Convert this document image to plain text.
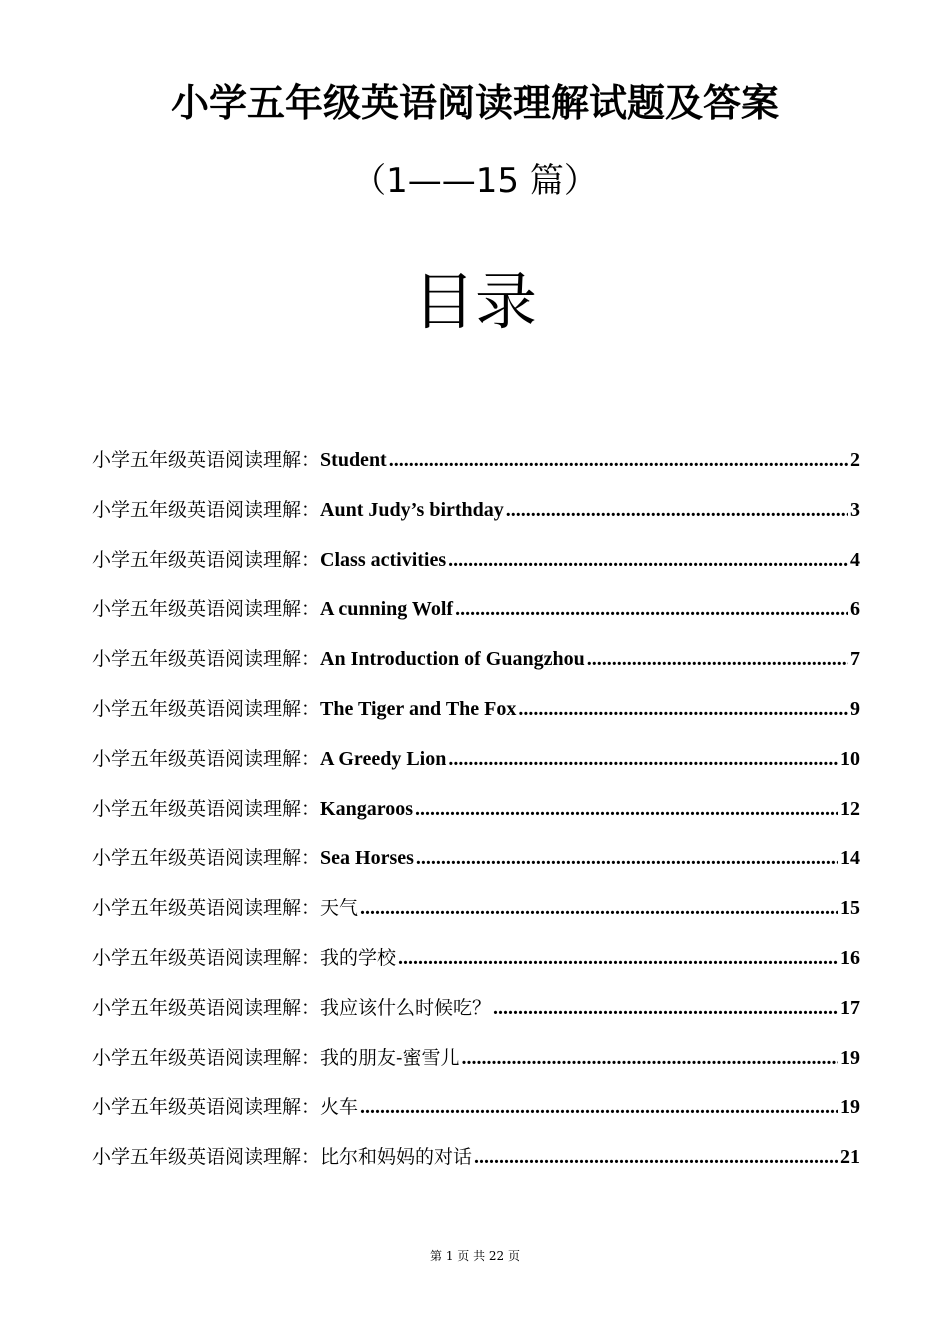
小学五年级英语阅读理解试题及答案
（1——15 篇）
目录
小学五年级英语阅读理解 ： Student .....	2
小学五年级英语阅读理解 ： Aunt Judy’s birthday .....	3
小学五年级英语阅读理解 ： Class activities .....	4
小学五年级英语阅读理解 ： A cunning Wolf .....	6
小学五年级英语阅读理解 ： An Introduction of Guangzhou .....	7
小学五年级英语阅读理解 ： The Tiger and The Fox .....	9
小学五年级英语阅读理解 ： A Greedy Lion .....	10
小学五年级英语阅读理解 ： Kangaroos .....	12
小学五年级英语阅读理解 ： Sea Horses .....	14
小学五年级英语阅读理解 ： 天气 .....	15
小学五年级英语阅读理解 ： 我的学校 .....	16
小学五年级英语阅读理解 ： 我应该什么时候吃？ .....	17
小学五年级英语阅读理解 ： 我的朋友-蜜雪儿 .....	19
小学五年级英语阅读理解 ： 火车 .....	19
小学五年级英语阅读理解 ： 比尔和妈妈的对话 .....	21
第 1 页 共 22 页
